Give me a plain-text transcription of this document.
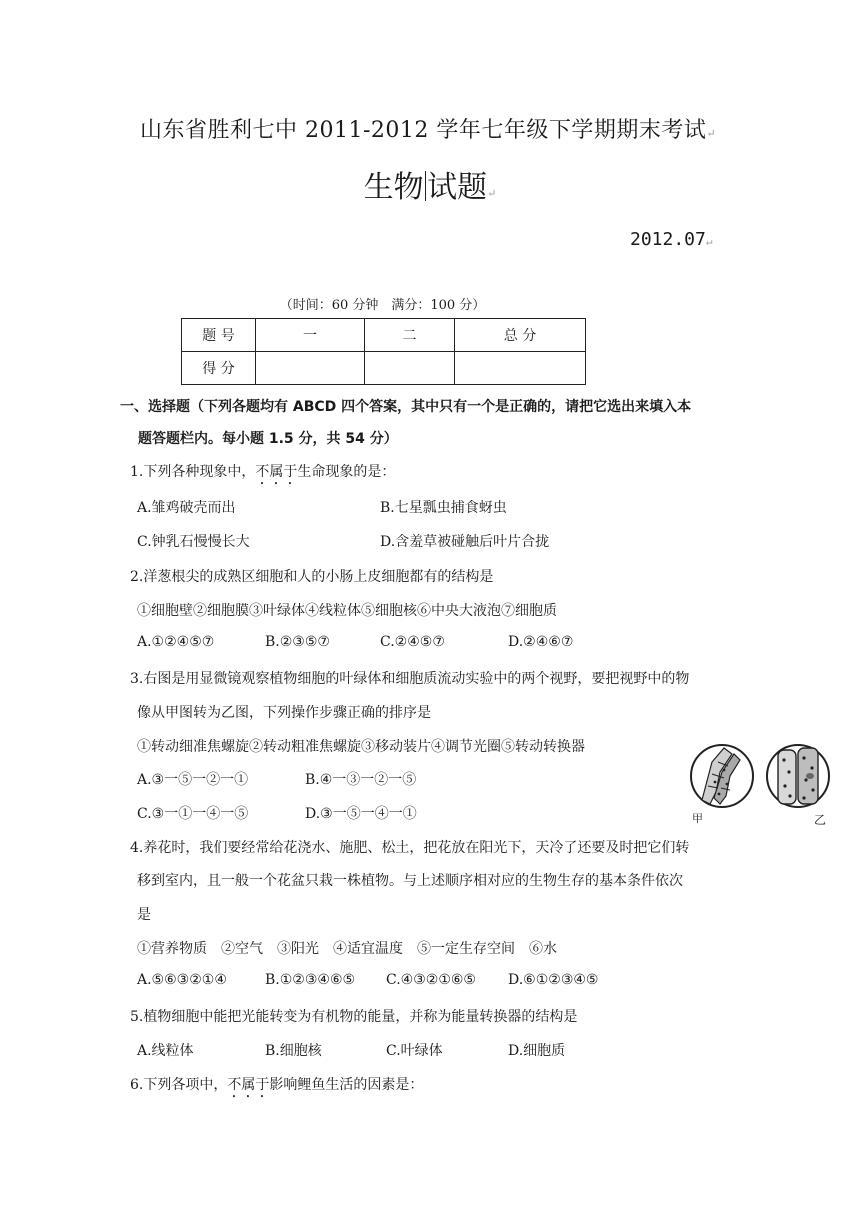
山东省胜利七中 2011-2012 学年七年级下学期期末考试↵
生物 试题↵
2012.07↵
（时间：60 分钟　满分：100 分）
题 号	一	二	总 分
得 分			
一、选择题（下列各题均有 ABCD 四个答案，其中只有一个是正确的，请把它选出来填入本
题答题栏内。每小题 1.5 分，共 54 分）
1.下列各种现象中，不属于生命现象的是：
A.雏鸡破壳而出	B.七星瓢虫捕食蚜虫
C.钟乳石慢慢长大	D.含羞草被碰触后叶片合拢
2.洋葱根尖的成熟区细胞和人的小肠上皮细胞都有的结构是
①细胞壁②细胞膜③叶绿体④线粒体⑤细胞核⑥中央大液泡⑦细胞质
A.①②④⑤⑦	B.②③⑤⑦	C.②④⑤⑦	D.②④⑥⑦
3.右图是用显微镜观察植物细胞的叶绿体和细胞质流动实验中的两个视野，要把视野中的物
像从甲图转为乙图，下列操作步骤正确的排序是
①转动细准焦螺旋②转动粗准焦螺旋③移动装片④调节光圈⑤转动转换器
A.③一⑤一②一①	B.④一③一②一⑤
C.③一①一④一⑤	D.③一⑤一④一①	甲	乙
4.养花时，我们要经常给花浇水、施肥、松土，把花放在阳光下，天冷了还要及时把它们转
移到室内，且一般一个花盆只栽一株植物。与上述顺序相对应的生物生存的基本条件依次
是
①营养物质　②空气　③阳光　④适宜温度　⑤一定生存空间　⑥水
A.⑤⑥③②①④	B.①②③④⑥⑤ C.④③②①⑥⑤ D.⑥①②③④⑤
5.植物细胞中能把光能转变为有机物的能量，并称为能量转换器的结构是
A.线粒体	B.细胞核	C.叶绿体	D.细胞质
6.下列各项中，不属于影响鲤鱼生活的因素是：
